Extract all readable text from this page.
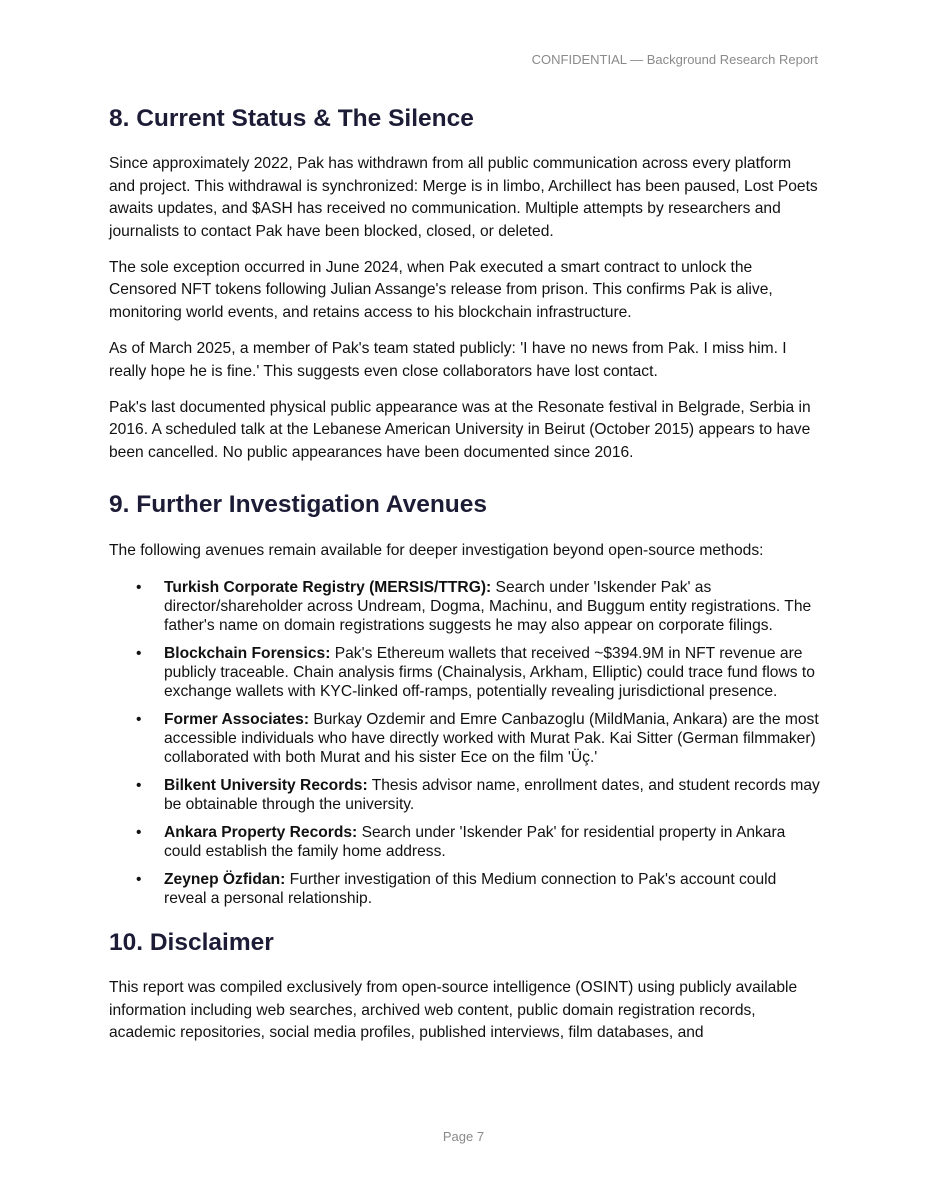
CONFIDENTIAL — Background Research Report
8. Current Status & The Silence

Since approximately 2022, Pak has withdrawn from all public communication across every platform and project. This withdrawal is synchronized: Merge is in limbo, Archillect has been paused, Lost Poets awaits updates, and $ASH has received no communication. Multiple attempts by researchers and journalists to contact Pak have been blocked, closed, or deleted.

The sole exception occurred in June 2024, when Pak executed a smart contract to unlock the Censored NFT tokens following Julian Assange's release from prison. This confirms Pak is alive, monitoring world events, and retains access to his blockchain infrastructure.

As of March 2025, a member of Pak's team stated publicly: 'I have no news from Pak. I miss him. I really hope he is fine.' This suggests even close collaborators have lost contact.

Pak's last documented physical public appearance was at the Resonate festival in Belgrade, Serbia in 2016. A scheduled talk at the Lebanese American University in Beirut (October 2015) appears to have been cancelled. No public appearances have been documented since 2016.

9. Further Investigation Avenues

The following avenues remain available for deeper investigation beyond open-source methods:

• Turkish Corporate Registry (MERSIS/TTRG): Search under 'Iskender Pak' as director/shareholder across Undream, Dogma, Machinu, and Buggum entity registrations. The father's name on domain registrations suggests he may also appear on corporate filings.
• Blockchain Forensics: Pak's Ethereum wallets that received ~$394.9M in NFT revenue are publicly traceable. Chain analysis firms (Chainalysis, Arkham, Elliptic) could trace fund flows to exchange wallets with KYC-linked off-ramps, potentially revealing jurisdictional presence.
• Former Associates: Burkay Ozdemir and Emre Canbazoglu (MildMania, Ankara) are the most accessible individuals who have directly worked with Murat Pak. Kai Sitter (German filmmaker) collaborated with both Murat and his sister Ece on the film 'Üç.'
• Bilkent University Records: Thesis advisor name, enrollment dates, and student records may be obtainable through the university.
• Ankara Property Records: Search under 'Iskender Pak' for residential property in Ankara could establish the family home address.
• Zeynep Özfidan: Further investigation of this Medium connection to Pak's account could reveal a personal relationship.
10. Disclaimer

This report was compiled exclusively from open-source intelligence (OSINT) using publicly available information including web searches, archived web content, public domain registration records, academic repositories, social media profiles, published interviews, film databases, and

Page 7
